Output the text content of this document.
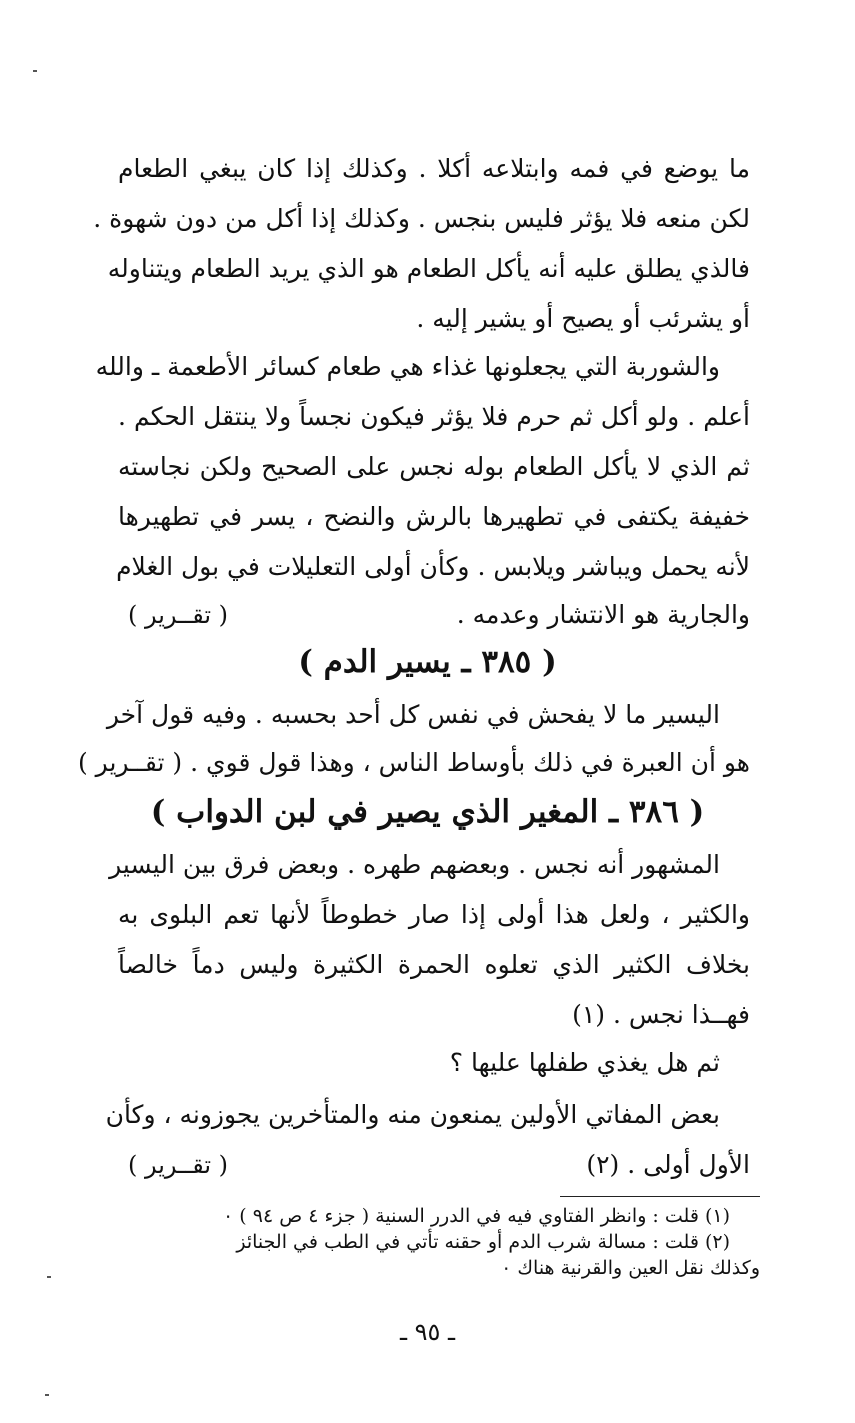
ما يوضع في فمه وابتلاعه أكلا . وكذلك إذا كان يبغي الطعام
لكن منعه فلا يؤثر فليس بنجس . وكذلك إذا أكل من دون شهوة .
فالذي يطلق عليه أنه يأكل الطعام هو الذي يريد الطعام ويتناوله
أو يشرئب أو يصيح أو يشير إليه .
والشوربة التي يجعلونها غذاء هي طعام كسائر الأطعمة ـ والله
أعلم . ولو أكل ثم حرم فلا يؤثر فيكون نجساً ولا ينتقل الحكم .
ثم الذي لا يأكل الطعام بوله نجس على الصحيح ولكن نجاسته
خفيفة يكتفى في تطهيرها بالرش والنضح ، يسر في تطهيرها
لأنه يحمل ويباشر ويلابس . وكأن أولى التعليلات في بول الغلام
والجارية هو الانتشار وعدمه .
( تقــرير )
( ٣٨٥ ـ يسير الدم )
اليسير ما لا يفحش في نفس كل أحد بحسبه . وفيه قول آخر
هو أن العبرة في ذلك بأوساط الناس ، وهذا قول قوي . ( تقــرير )
( ٣٨٦ ـ المغير الذي يصير في لبن الدواب )
المشهور أنه نجس . وبعضهم طهره . وبعض فرق بين اليسير
والكثير ، ولعل هذا أولى إذا صار خطوطاً لأنها تعم البلوى به
بخلاف الكثير الذي تعلوه الحمرة الكثيرة وليس دماً خالصاً
فهــذا نجس . (١)
ثم هل يغذي طفلها عليها ؟
بعض المفاتي الأولين يمنعون منه والمتأخرين يجوزونه ، وكأن
الأول أولى . (٢)
( تقــرير )
(١) قلت : وانظر الفتاوي فيه في الدرر السنية ( جزء ٤ ص ٩٤ ) ٠
(٢) قلت : مسالة شرب الدم أو حقنه تأتي في الطب في الجنائز
وكذلك نقل العين والقرنية هناك ٠
ـ ٩٥ ـ
